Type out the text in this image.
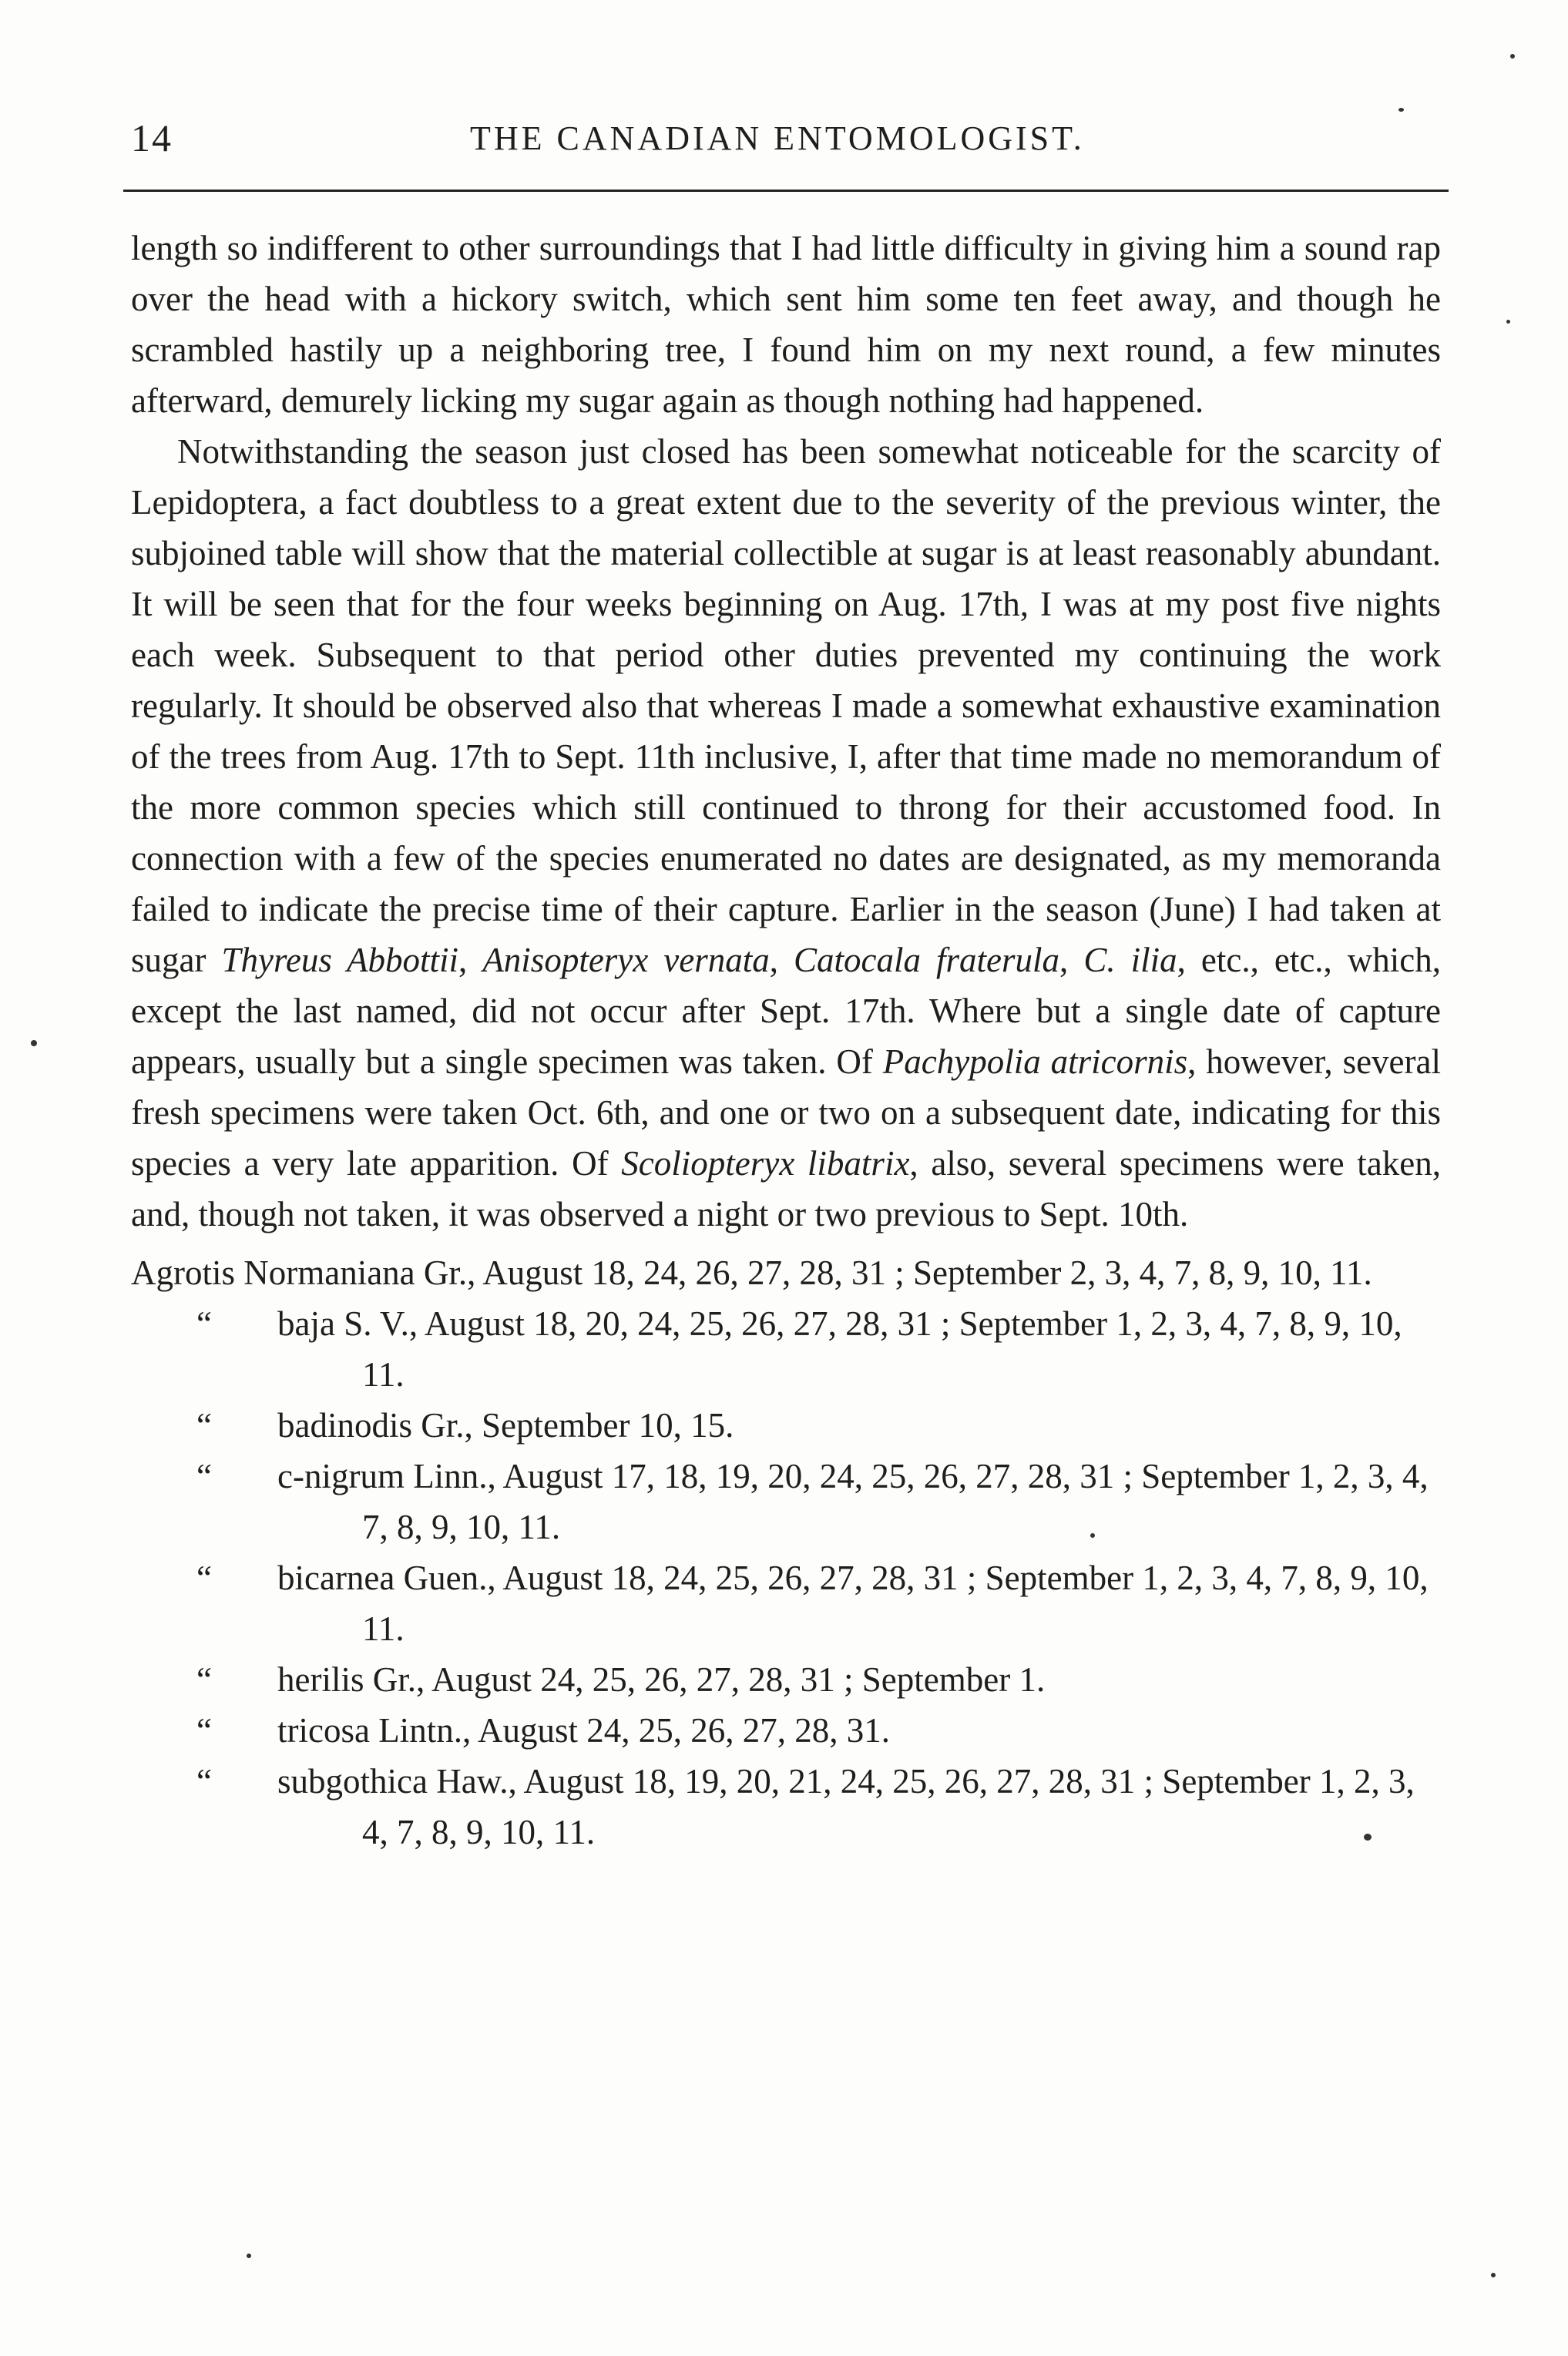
14	THE CANADIAN ENTOMOLOGIST.

length so indifferent to other surroundings that I had little difficulty in giving him a sound rap over the head with a hickory switch, which sent him some ten feet away, and though he scrambled hastily up a neighboring tree, I found him on my next round, a few minutes afterward, demurely licking my sugar again as though nothing had happened.

Notwithstanding the season just closed has been somewhat noticeable for the scarcity of Lepidoptera, a fact doubtless to a great extent due to the severity of the previous winter, the subjoined table will show that the material collectible at sugar is at least reasonably abundant. It will be seen that for the four weeks beginning on Aug. 17th, I was at my post five nights each week. Subsequent to that period other duties prevented my continuing the work regularly. It should be observed also that whereas I made a somewhat exhaustive examination of the trees from Aug. 17th to Sept. 11th inclusive, I, after that time made no memorandum of the more common species which still continued to throng for their accustomed food. In connection with a few of the species enumerated no dates are designated, as my memoranda failed to indicate the precise time of their capture. Earlier in the season (June) I had taken at sugar Thyreus Abbottii, Anisopteryx vernata, Catocala fraterula, C. ilia, etc., etc., which, except the last named, did not occur after Sept. 17th. Where but a single date of capture appears, usually but a single specimen was taken. Of Pachypolia atricornis, however, several fresh specimens were taken Oct. 6th, and one or two on a subsequent date, indicating for this species a very late apparition. Of Scoliopteryx libatrix, also, several specimens were taken, and, though not taken, it was observed a night or two previous to Sept. 10th.

Agrotis Normaniana Gr., August 18, 24, 26, 27, 28, 31 ; September 2, 3, 4, 7, 8, 9, 10, 11.

“ baja S. V., August 18, 20, 24, 25, 26, 27, 28, 31 ; September 1, 2, 3, 4, 7, 8, 9, 10, 11.

“ badinodis Gr., September 10, 15.

“ c-nigrum Linn., August 17, 18, 19, 20, 24, 25, 26, 27, 28, 31 ; September 1, 2, 3, 4, 7, 8, 9, 10, 11.

“ bicarnea Guen., August 18, 24, 25, 26, 27, 28, 31 ; September 1, 2, 3, 4, 7, 8, 9, 10, 11.

“ herilis Gr., August 24, 25, 26, 27, 28, 31 ; September 1.

“ tricosa Lintn., August 24, 25, 26, 27, 28, 31.

“ subgothica Haw., August 18, 19, 20, 21, 24, 25, 26, 27, 28, 31 ; September 1, 2, 3, 4, 7, 8, 9, 10, 11.
